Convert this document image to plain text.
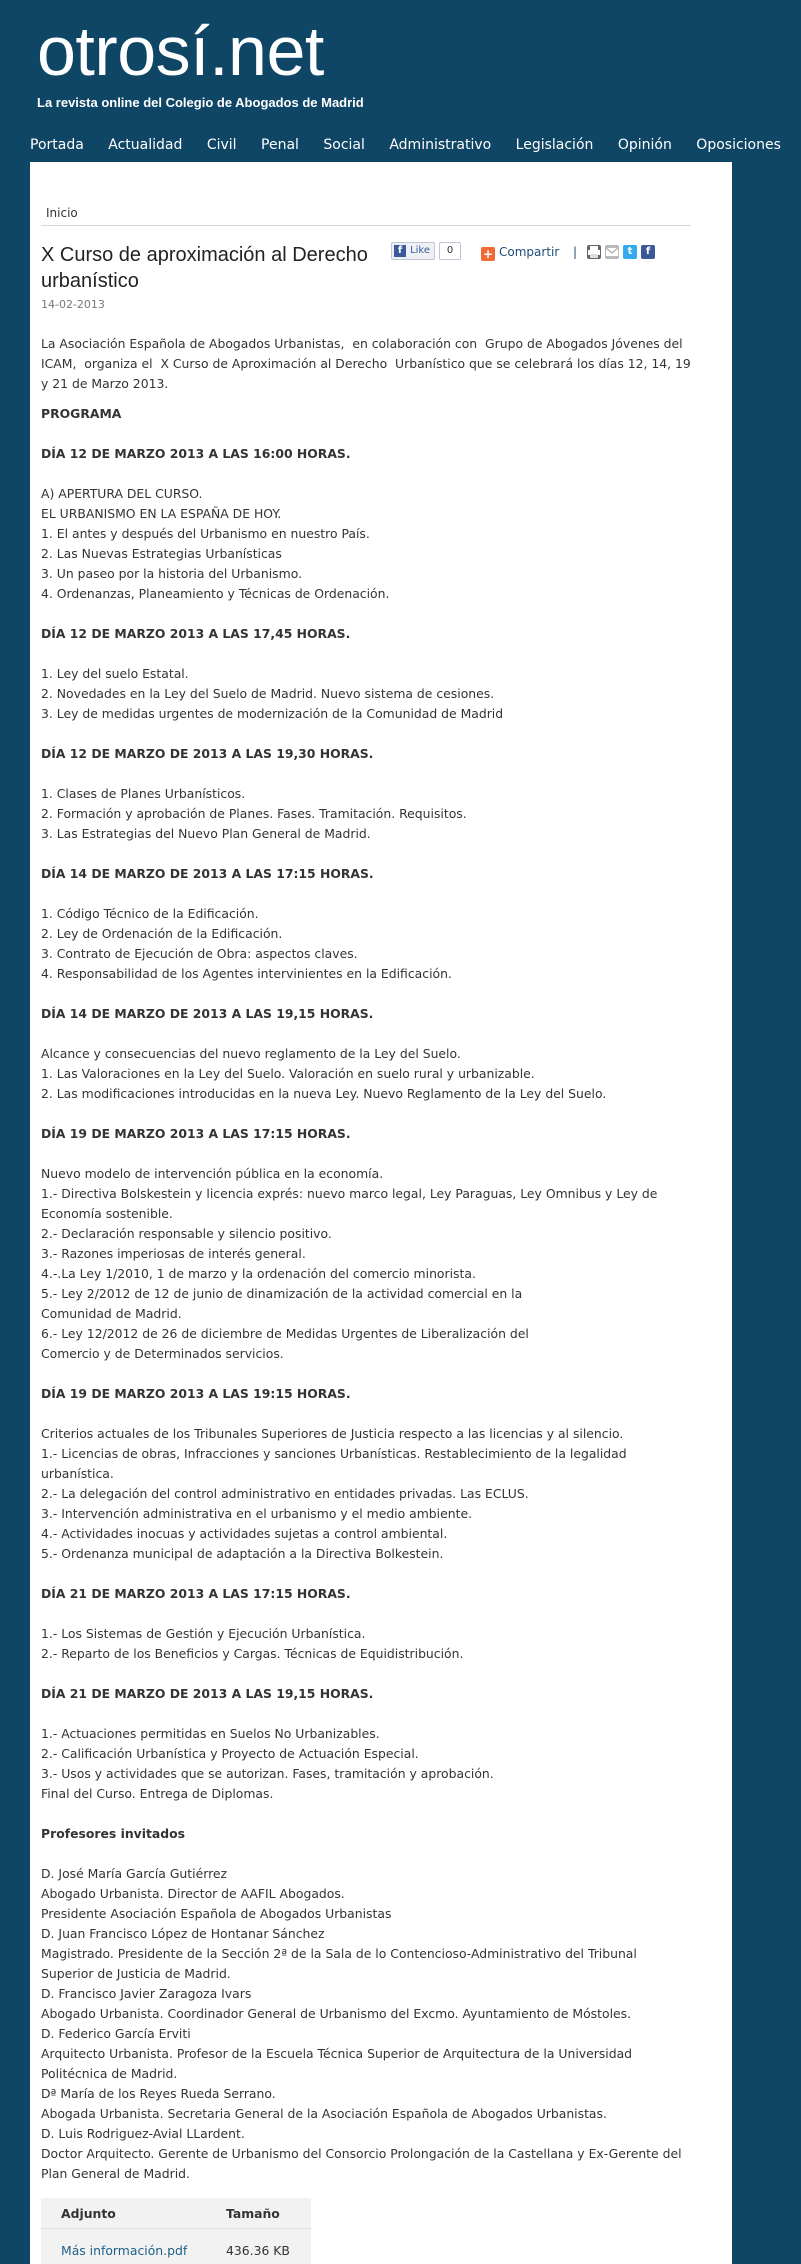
otrosí.net
La revista online del Colegio de Abogados de Madrid
Portada Actualidad Civil Penal Social Administrativo Legislación Opinión Oposiciones
Inicio
X Curso de aproximación al Derecho urbanístico
f Like	0	+ Compartir |	t	f
14-02-2013

La Asociación Española de Abogados Urbanistas,  en colaboración con  Grupo de Abogados Jóvenes del ICAM,  organiza el  X Curso de Aproximación al Derecho  Urbanístico que se celebrará los días 12, 14, 19 y 21 de Marzo 2013.

PROGRAMA

DÍA 12 DE MARZO 2013 A LAS 16:00 HORAS.

A) APERTURA DEL CURSO.
EL URBANISMO EN LA ESPAÑA DE HOY.
1. El antes y después del Urbanismo en nuestro País.
2. Las Nuevas Estrategias Urbanísticas
3. Un paseo por la historia del Urbanismo.
4. Ordenanzas, Planeamiento y Técnicas de Ordenación.

DÍA 12 DE MARZO 2013 A LAS 17,45 HORAS.

1. Ley del suelo Estatal.
2. Novedades en la Ley del Suelo de Madrid. Nuevo sistema de cesiones.
3. Ley de medidas urgentes de modernización de la Comunidad de Madrid

DÍA 12 DE MARZO DE 2013 A LAS 19,30 HORAS.

1. Clases de Planes Urbanísticos.
2. Formación y aprobación de Planes. Fases. Tramitación. Requisitos.
3. Las Estrategias del Nuevo Plan General de Madrid.

DÍA 14 DE MARZO DE 2013 A LAS 17:15 HORAS.

1. Código Técnico de la Edificación.
2. Ley de Ordenación de la Edificación.
3. Contrato de Ejecución de Obra: aspectos claves.
4. Responsabilidad de los Agentes intervinientes en la Edificación.

DÍA 14 DE MARZO DE 2013 A LAS 19,15 HORAS.

Alcance y consecuencias del nuevo reglamento de la Ley del Suelo.
1. Las Valoraciones en la Ley del Suelo. Valoración en suelo rural y urbanizable.
2. Las modificaciones introducidas en la nueva Ley. Nuevo Reglamento de la Ley del Suelo.

DÍA 19 DE MARZO 2013 A LAS 17:15 HORAS.

Nuevo modelo de intervención pública en la economía.
1.- Directiva Bolskestein y licencia exprés: nuevo marco legal, Ley Paraguas, Ley Omnibus y Ley de Economía sostenible.
2.- Declaración responsable y silencio positivo.
3.- Razones imperiosas de interés general.
4.-.La Ley 1/2010, 1 de marzo y la ordenación del comercio minorista.
5.- Ley 2/2012 de 12 de junio de dinamización de la actividad comercial en la
Comunidad de Madrid.
6.- Ley 12/2012 de 26 de diciembre de Medidas Urgentes de Liberalización del
Comercio y de Determinados servicios.

DÍA 19 DE MARZO 2013 A LAS 19:15 HORAS.

Criterios actuales de los Tribunales Superiores de Justicia respecto a las licencias y al silencio.
1.- Licencias de obras, Infracciones y sanciones Urbanísticas. Restablecimiento de la legalidad urbanística.
2.- La delegación del control administrativo en entidades privadas. Las ECLUS.
3.- Intervención administrativa en el urbanismo y el medio ambiente.
4.- Actividades inocuas y actividades sujetas a control ambiental.
5.- Ordenanza municipal de adaptación a la Directiva Bolkestein.

DÍA 21 DE MARZO 2013 A LAS 17:15 HORAS.

1.- Los Sistemas de Gestión y Ejecución Urbanística.
2.- Reparto de los Beneficios y Cargas. Técnicas de Equidistribución.

DÍA 21 DE MARZO DE 2013 A LAS 19,15 HORAS.

1.- Actuaciones permitidas en Suelos No Urbanizables.
2.- Calificación Urbanística y Proyecto de Actuación Especial.
3.- Usos y actividades que se autorizan. Fases, tramitación y aprobación.
Final del Curso. Entrega de Diplomas.

Profesores invitados

D. José María García Gutiérrez
Abogado Urbanista. Director de AAFIL Abogados.
Presidente Asociación Española de Abogados Urbanistas
D. Juan Francisco López de Hontanar Sánchez
Magistrado. Presidente de la Sección 2ª de la Sala de lo Contencioso-Administrativo del Tribunal Superior de Justicia de Madrid.
D. Francisco Javier Zaragoza Ivars
Abogado Urbanista. Coordinador General de Urbanismo del Excmo. Ayuntamiento de Móstoles.
D. Federico García Erviti
Arquitecto Urbanista. Profesor de la Escuela Técnica Superior de Arquitectura de la Universidad Politécnica de Madrid.
Dª María de los Reyes Rueda Serrano.
Abogada Urbanista. Secretaria General de la Asociación Española de Abogados Urbanistas.
D. Luis Rodriguez-Avial LLardent.
Doctor Arquitecto. Gerente de Urbanismo del Consorcio Prolongación de la Castellana y Ex-Gerente del Plan General de Madrid.

Adjunto	Tamaño
Más información.pdf	436.36 KB
